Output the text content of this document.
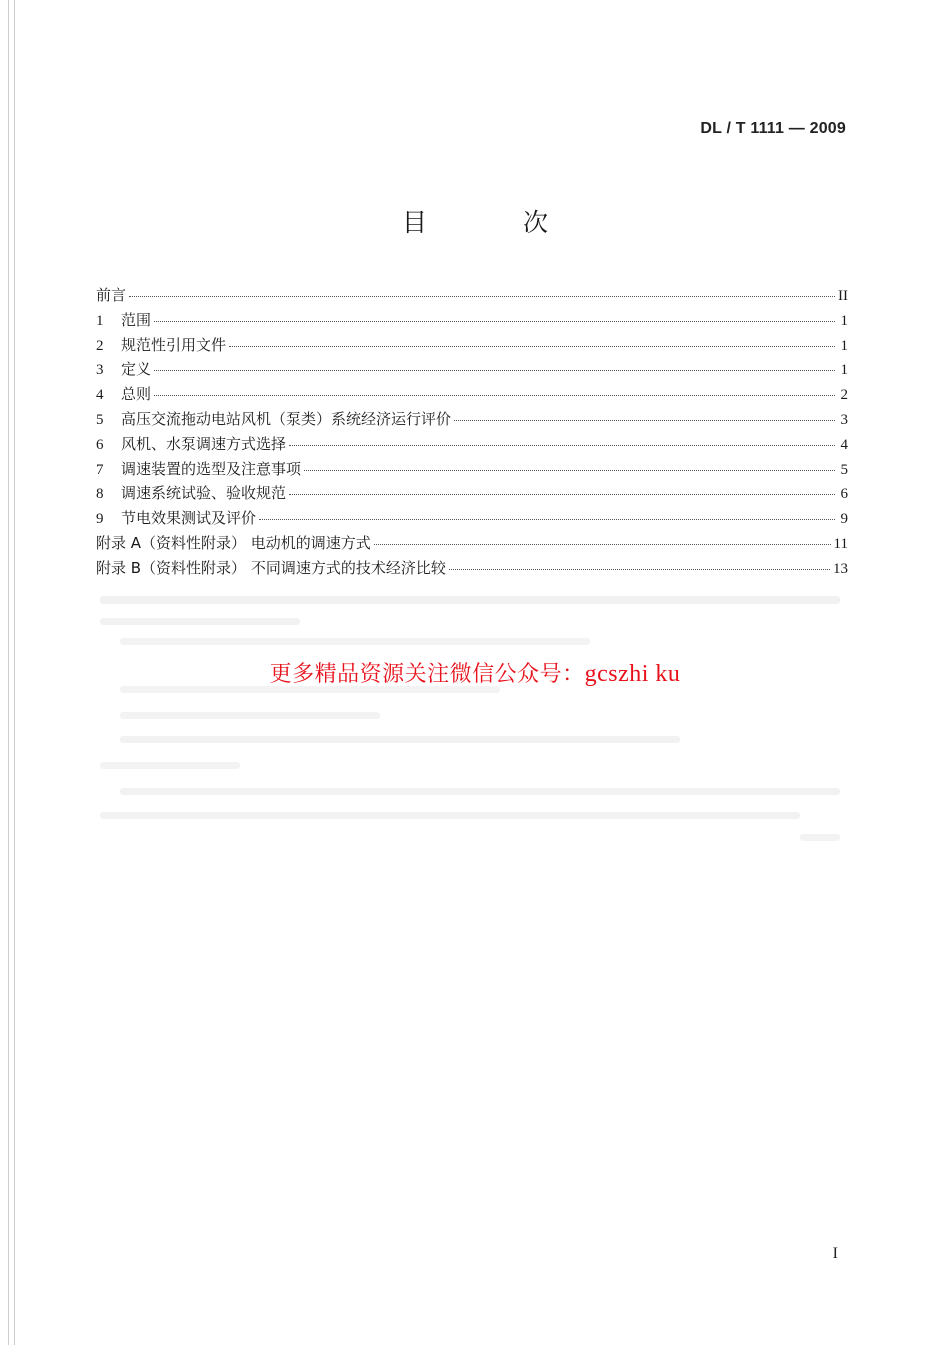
DL / T 1111 — 2009
目 次
前言	II
1	范围	1
2	规范性引用文件	1
3	定义	1
4	总则	2
5	高压交流拖动电站风机（泵类）系统经济运行评价	3
6	风机、水泵调速方式选择	4
7	调速装置的选型及注意事项	5
8	调速系统试验、验收规范	6
9	节电效果测试及评价	9
附录 A（资料性附录） 电动机的调速方式	11
附录 B（资料性附录） 不同调速方式的技术经济比较	13
更多精品资源关注微信公众号：gcszhi ku
I
